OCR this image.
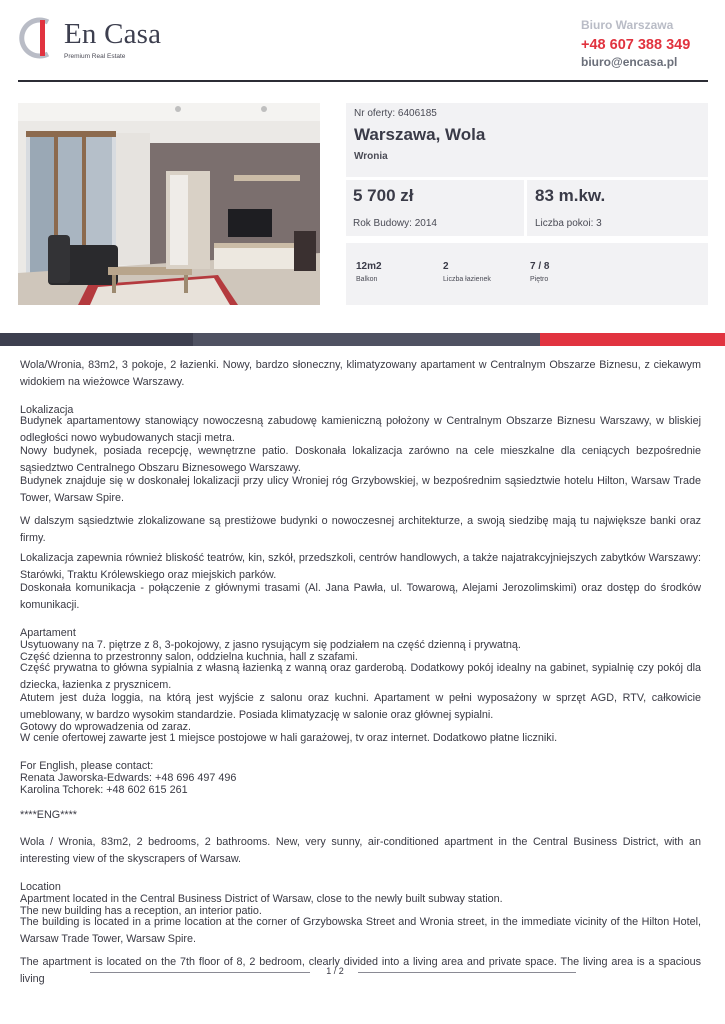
En Casa
Premium Real Estate
Biuro Warszawa
+48 607 388 349
biuro@encasa.pl
Nr oferty: 6406185
Warszawa, Wola
Wronia
5 700 zł
Rok Budowy: 2014
83 m.kw.
Liczba pokoi: 3
12m2
Balkon
2
Liczba łazienek
7 / 8
Piętro

Wola/Wronia, 83m2, 3 pokoje, 2 łazienki. Nowy, bardzo słoneczny, klimatyzowany apartament w Centralnym Obszarze Biznesu, z ciekawym widokiem na wieżowce Warszawy.

Lokalizacja

Budynek apartamentowy stanowiący nowoczesną zabudowę kamieniczną położony w Centralnym Obszarze Biznesu Warszawy, w bliskiej odległości nowo wybudowanych stacji metra.

Nowy budynek, posiada recepcję, wewnętrzne patio. Doskonała lokalizacja zarówno na cele mieszkalne dla ceniących bezpośrednie sąsiedztwo Centralnego Obszaru Biznesowego Warszawy.

Budynek znajduje się w doskonałej lokalizacji przy ulicy Wroniej róg Grzybowskiej, w bezpośrednim sąsiedztwie hotelu Hilton, Warsaw Trade Tower, Warsaw Spire.

W dalszym sąsiedztwie zlokalizowane są prestiżowe budynki o nowoczesnej architekturze, a swoją siedzibę mają tu największe banki oraz firmy.

Lokalizacja zapewnia również bliskość teatrów, kin, szkół, przedszkoli, centrów handlowych, a także najatrakcyjniejszych zabytków Warszawy: Starówki, Traktu Królewskiego oraz miejskich parków.

Doskonała komunikacja - połączenie z głównymi trasami (Al. Jana Pawła, ul. Towarową, Alejami Jerozolimskimi) oraz dostęp do środków komunikacji.

Apartament

Usytuowany na 7. piętrze z 8, 3-pokojowy, z jasno rysującym się podziałem na część dzienną i prywatną.

Część dzienna to przestronny salon, oddzielna kuchnia, hall z szafami.

Część prywatna to główna sypialnia z własną łazienką z wanną oraz garderobą. Dodatkowy pokój idealny na gabinet, sypialnię czy pokój dla dziecka, łazienka z prysznicem.

Atutem jest duża loggia, na którą jest wyjście z salonu oraz kuchni. Apartament w pełni wyposażony w sprzęt AGD, RTV, całkowicie umeblowany, w bardzo wysokim standardzie. Posiada klimatyzację w salonie oraz głównej sypialni.

Gotowy do wprowadzenia od zaraz.

W cenie ofertowej zawarte jest 1 miejsce postojowe w hali garażowej, tv oraz internet. Dodatkowo płatne liczniki.

For English, please contact:

Renata Jaworska-Edwards: +48 696 497 496

Karolina Tchorek: +48 602 615 261

****ENG****

Wola / Wronia, 83m2, 2 bedrooms, 2 bathrooms. New, very sunny, air-conditioned apartment in the Central Business District, with an interesting view of the skyscrapers of Warsaw.

Location

Apartment located in the Central Business District of Warsaw, close to the newly built subway station.

The new building has a reception, an interior patio.

The building is located in a prime location at the corner of Grzybowska Street and Wronia street, in the immediate vicinity of the Hilton Hotel, Warsaw Trade Tower, Warsaw Spire.

The apartment is located on the 7th floor of 8, 2 bedroom, clearly divided into a living area and private space. The living area is a spacious living

1 / 2
